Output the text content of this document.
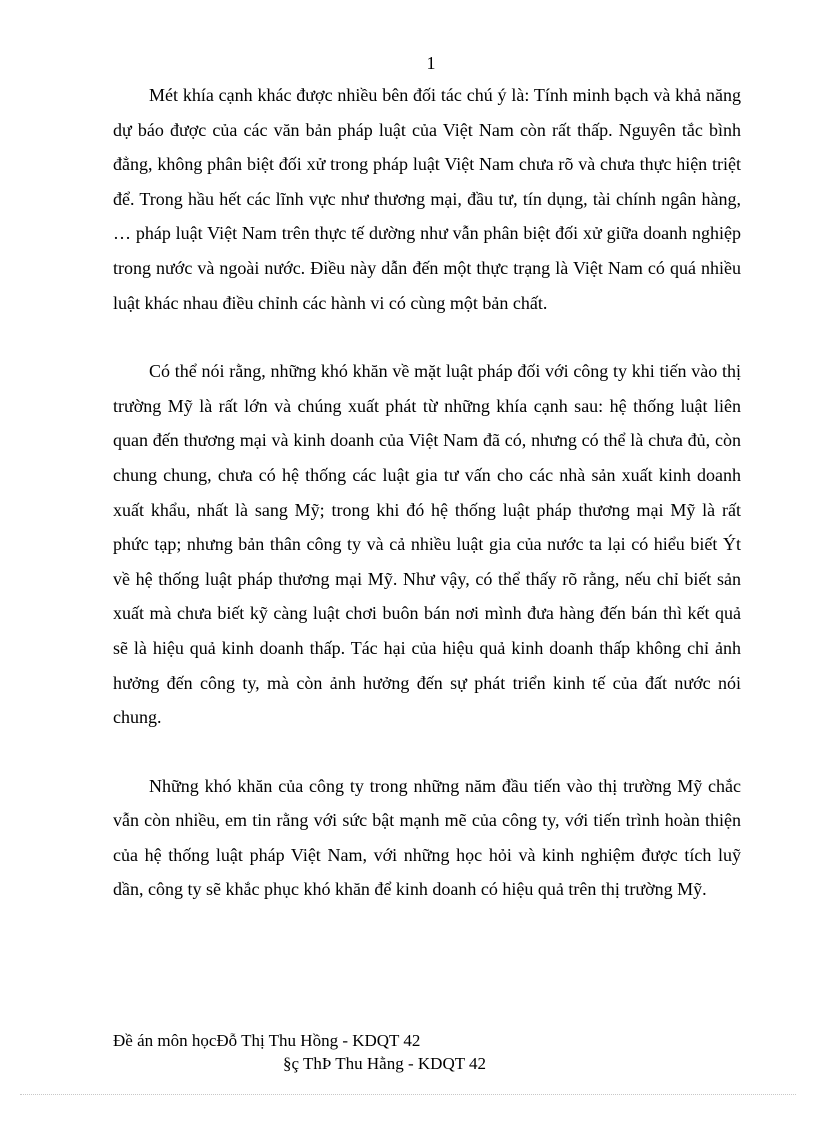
1

Mét khía cạnh khác được nhiều bên đối tác chú ý là: Tính minh bạch và khả năng dự báo được của các văn bản pháp luật của Việt Nam còn rất thấp. Nguyên tắc bình đẳng, không phân biệt đối xử trong pháp luật Việt Nam chưa rõ và chưa thực hiện triệt để. Trong hầu hết các lĩnh vực như thương mại, đầu tư, tín dụng, tài chính ngân hàng, … pháp luật Việt Nam trên thực tế dường như vẫn phân biệt đối xử giữa doanh nghiệp trong nước và ngoài nước. Điều này dẫn đến một thực trạng là Việt Nam có quá nhiều luật khác nhau điều chỉnh các hành vi có cùng một bản chất.

Có thể nói rằng, những khó khăn về mặt luật pháp đối với công ty khi tiến vào thị trường Mỹ là rất lớn và chúng xuất phát từ những khía cạnh sau: hệ thống luật liên quan đến thương mại và kinh doanh của Việt Nam đã có, nhưng có thể là chưa đủ, còn chung chung, chưa có hệ thống các luật gia tư vấn cho các nhà sản xuất kinh doanh xuất khẩu, nhất là sang Mỹ; trong khi đó hệ thống luật pháp thương mại Mỹ là rất phức tạp; nhưng bản thân công ty và cả nhiều luật gia của nước ta lại có hiểu biết Ýt về hệ thống luật pháp thương mại Mỹ. Như vậy, có thể thấy rõ rằng, nếu chỉ biết sản xuất mà chưa biết kỹ càng luật chơi buôn bán nơi mình đưa hàng đến bán thì kết quả sẽ là hiệu quả kinh doanh thấp. Tác hại của hiệu quả kinh doanh thấp không chỉ ảnh hưởng đến công ty, mà còn ảnh hưởng đến sự phát triển kinh tế của đất nước nói chung.

Những khó khăn của công ty trong những năm đầu tiến vào thị trường Mỹ chắc vẫn còn nhiều, em tin rằng với sức bật mạnh mẽ của công ty, với tiến trình hoàn thiện của hệ thống luật pháp Việt Nam, với những học hỏi và kinh nghiệm được tích luỹ dần, công ty sẽ khắc phục khó khăn để kinh doanh có hiệu quả trên thị trường Mỹ.

Đề án môn họcĐỗ Thị Thu Hồng - KDQT 42
§ç ThÞ Thu Hằng - KDQT 42
